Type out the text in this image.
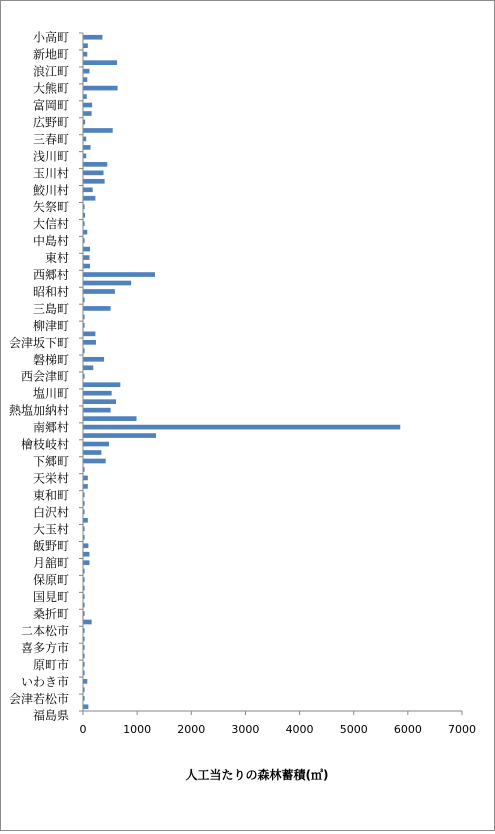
小高町
新地町
浪江町
大熊町
富岡町
広野町
三春町
浅川町
玉川村
鮫川村
矢祭町
大信村
中島村
東村
西郷村
昭和村
三島町
柳津町
会津坂下町
磐梯町
西会津町
塩川町
熱塩加納村
南郷村
檜枝岐村
下郷町
天栄村
東和町
白沢村
大玉村
飯野町
月舘町
保原町
国見町
桑折町
二本松市
喜多方市
原町市
いわき市
会津若松市
福島県
0	1000 2000 3000 4000 5000 6000 7000
人工当たりの森林蓄積(㎥)
